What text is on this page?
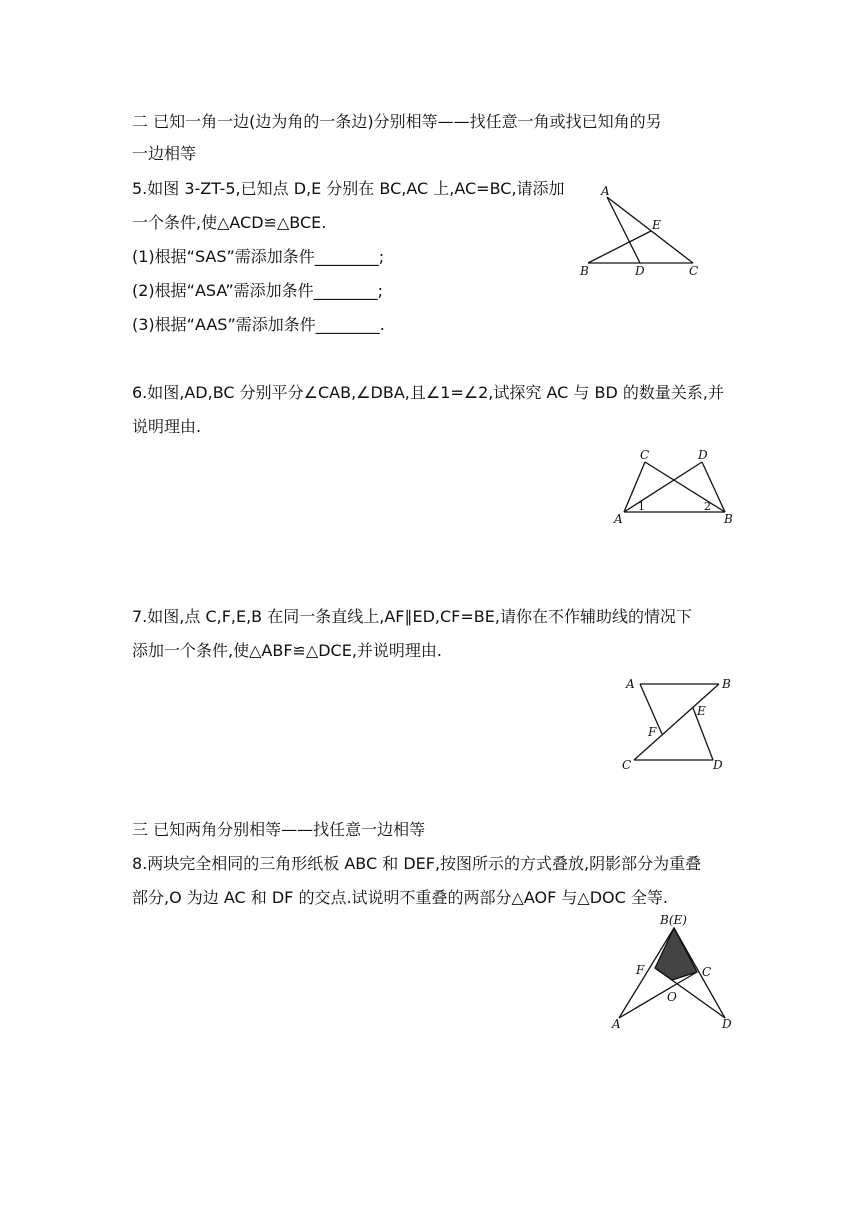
二 已知一角一边(边为角的一条边)分别相等——找任意一角或找已知角的另
一边相等
5.如图 3-ZT-5,已知点 D,E 分别在 BC,AC 上,AC=BC,请添加
一个条件,使△ACD≌△BCE.
(1)根据“SAS”需添加条件________;
(2)根据“ASA”需添加条件________;
(3)根据“AAS”需添加条件________.
A
E
B	D	C
6.如图,AD,BC 分别平分∠CAB,∠DBA,且∠1=∠2,试探究 AC 与 BD 的数量关系,并
说明理由.
C	D
A	B
1	2
7.如图,点 C,F,E,B 在同一条直线上,AF∥ED,CF=BE,请你在不作辅助线的情况下
添加一个条件,使△ABF≌△DCE,并说明理由.
A	B
E
F
C	D
三 已知两角分别相等——找任意一边相等
8.两块完全相同的三角形纸板 ABC 和 DEF,按图所示的方式叠放,阴影部分为重叠
部分,O 为边 AC 和 DF 的交点.试说明不重叠的两部分△AOF 与△DOC 全等.
B(E)
F	C
O
A	D
